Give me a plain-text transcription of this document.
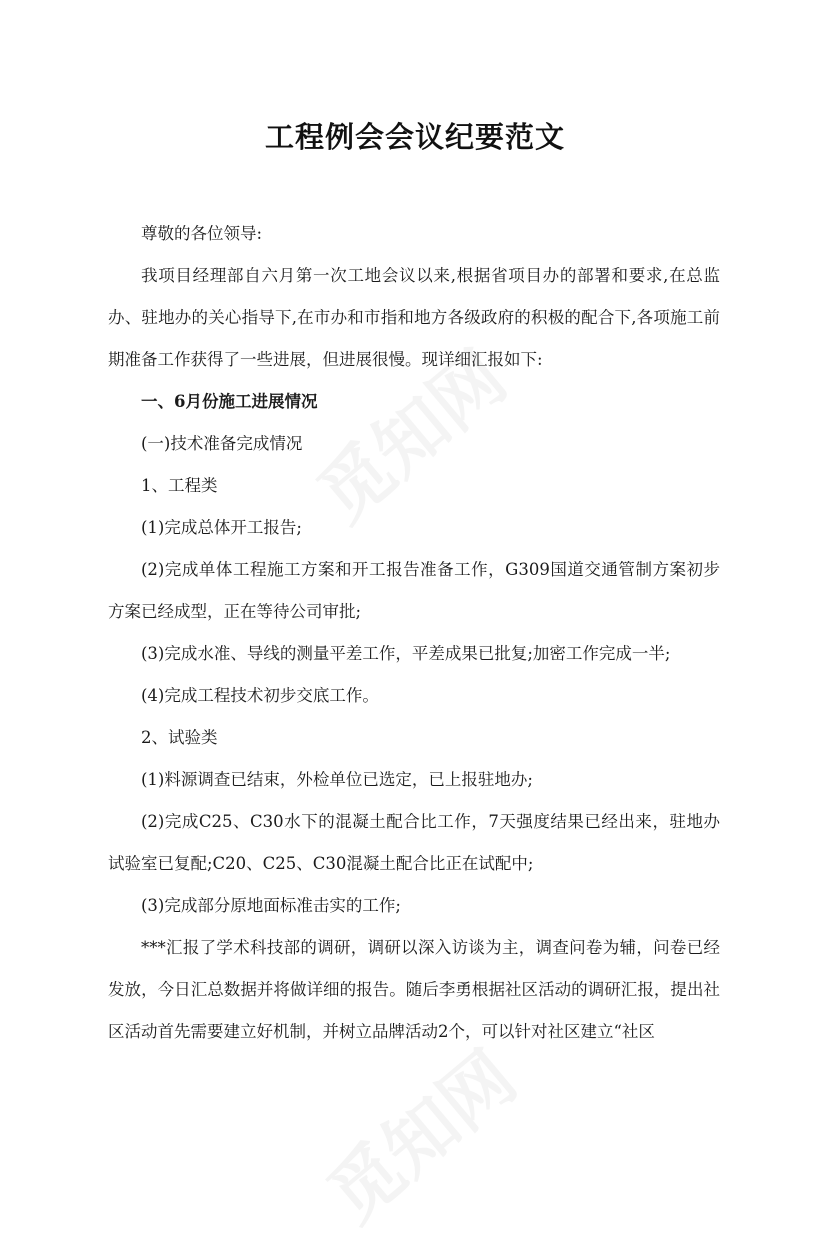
工程例会会议纪要范文

尊敬的各位领导:

我项目经理部自六月第一次工地会议以来,根据省项目办的部署和要求,在总监办、驻地办的关心指导下,在市办和市指和地方各级政府的积极的配合下,各项施工前期准备工作获得了一些进展，但进展很慢。现详细汇报如下:

一、6月份施工进展情况

(一)技术准备完成情况

1、工程类

(1)完成总体开工报告;

(2)完成单体工程施工方案和开工报告准备工作，G309国道交通管制方案初步方案已经成型，正在等待公司审批;

(3)完成水准、导线的测量平差工作，平差成果已批复;加密工作完成一半;

(4)完成工程技术初步交底工作。

2、试验类

(1)料源调查已结束，外检单位已选定，已上报驻地办;

(2)完成C25、C30水下的混凝土配合比工作，7天强度结果已经出来，驻地办试验室已复配;C20、C25、C30混凝土配合比正在试配中;

(3)完成部分原地面标准击实的工作;

***汇报了学术科技部的调研，调研以深入访谈为主，调查问卷为辅，问卷已经发放，今日汇总数据并将做详细的报告。随后李勇根据社区活动的调研汇报，提出社区活动首先需要建立好机制，并树立品牌活动2个，可以针对社区建立“社区
